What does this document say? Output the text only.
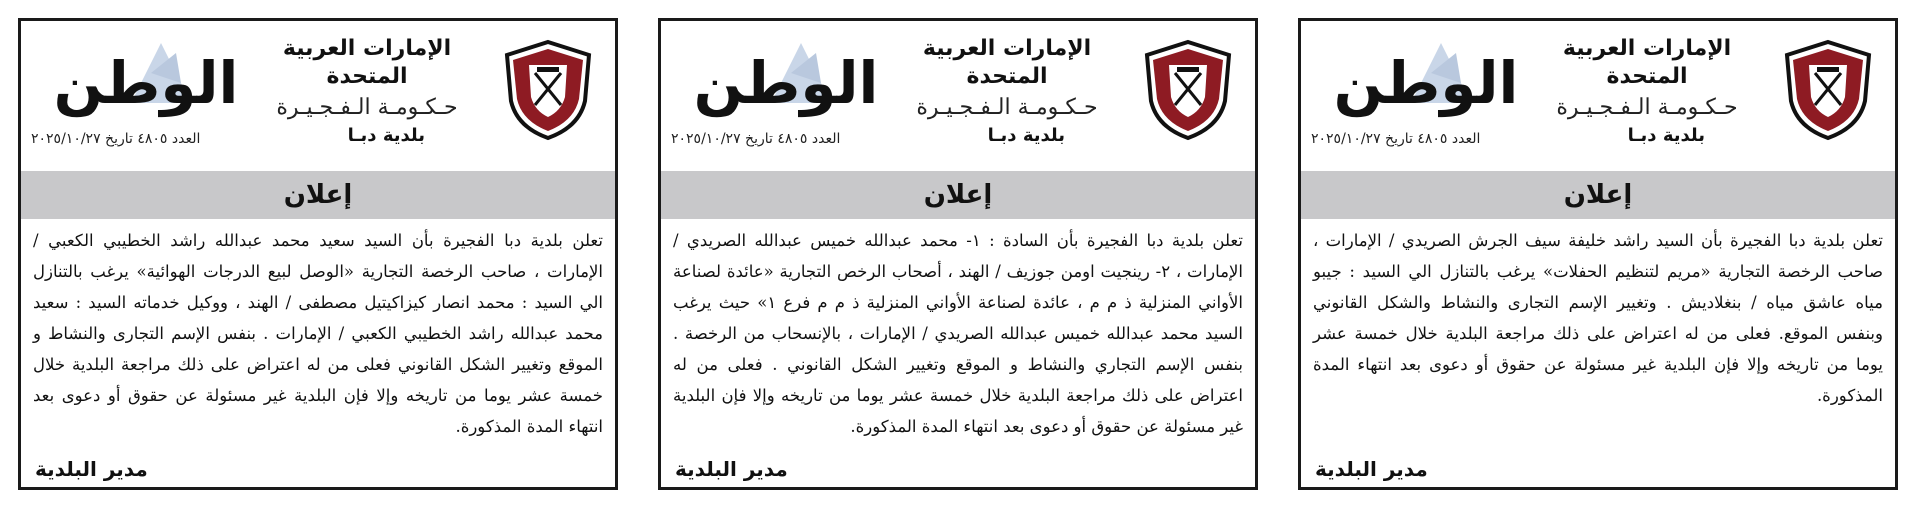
الإمارات العربية المتحدة
حـكـومـة الـفـجـيـرة
بلدية دبـا
الوطن
العدد ٤٨٠٥ تاريخ ٢٠٢٥/١٠/٢٧
إعلان
تعلن بلدية دبا الفجيرة بأن السيد راشد خليفة سيف الجرش الصريدي / الإمارات ، صاحب الرخصة التجارية «مريم لتنظيم الحفلات» يرغب بالتنازل الي السيد : جيبو مياه عاشق مياه / بنغلاديش . وتغيير الإسم التجارى والنشاط والشكل القانوني وبنفس الموقع. فعلى من له اعتراض على ذلك مراجعة البلدية خلال خمسة عشر يوما من تاريخه وإلا فإن البلدية غير مسئولة عن حقوق أو دعوى بعد انتهاء المدة المذكورة.
مدير البلدية
الإمارات العربية المتحدة
حـكـومـة الـفـجـيـرة
بلدية دبـا
الوطن
العدد ٤٨٠٥ تاريخ ٢٠٢٥/١٠/٢٧
إعلان
تعلن بلدية دبا الفجيرة بأن السادة : ١- محمد عبدالله خميس عبدالله الصريدي / الإمارات ، ٢- رينجيت اومن جوزيف / الهند ، أصحاب الرخص التجارية «عائدة لصناعة الأواني المنزلية ذ م م ، عائدة لصناعة الأواني المنزلية ذ م م فرع ١» حيث يرغب السيد محمد عبدالله خميس عبدالله الصريدي / الإمارات ، بالإنسحاب من الرخصة . بنفس الإسم التجاري والنشاط و الموقع وتغيير الشكل القانوني . فعلى من له اعتراض على ذلك مراجعة البلدية خلال خمسة عشر يوما من تاريخه وإلا فإن البلدية غير مسئولة عن حقوق أو دعوى بعد انتهاء المدة المذكورة.
مدير البلدية
الإمارات العربية المتحدة
حـكـومـة الـفـجـيـرة
بلدية دبـا
الوطن
العدد ٤٨٠٥ تاريخ ٢٠٢٥/١٠/٢٧
إعلان
تعلن بلدية دبا الفجيرة بأن السيد سعيد محمد عبدالله راشد الخطيبي الكعبي / الإمارات ، صاحب الرخصة التجارية «الوصل لبيع الدرجات الهوائية» يرغب بالتنازل الي السيد : محمد انصار كيزاكيتيل مصطفى / الهند ، ووكيل خدماته السيد : سعيد محمد عبدالله راشد الخطيبي الكعبي / الإمارات . بنفس الإسم التجارى والنشاط و الموقع وتغيير الشكل القانوني فعلى من له اعتراض على ذلك مراجعة البلدية خلال خمسة عشر يوما من تاريخه وإلا فإن البلدية غير مسئولة عن حقوق أو دعوى بعد انتهاء المدة المذكورة.
مدير البلدية
